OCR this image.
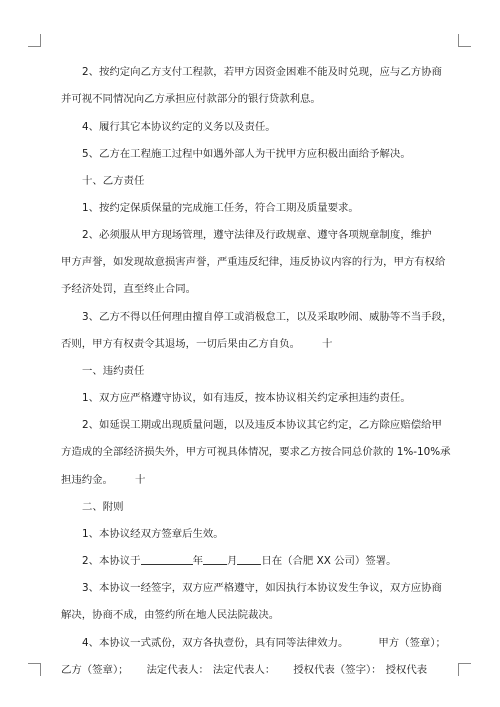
2、按约定向乙方支付工程款，若甲方因资金困难不能及时兑现，应与乙方协商
并可视不同情况向乙方承担应付款部分的银行贷款利息。
4、履行其它本协议约定的义务以及责任。
5、乙方在工程施工过程中如遇外部人为干扰甲方应积极出面给予解决。
十、乙方责任
1、按约定保质保量的完成施工任务，符合工期及质量要求。
2、必须服从甲方现场管理，遵守法律及行政规章、遵守各项规章制度，维护
甲方声誉，如发现故意损害声誉，严重违反纪律，违反协议内容的行为，甲方有权给
予经济处罚，直至终止合同。
3、乙方不得以任何理由擅自停工或消极怠工，以及采取吵闹、威胁等不当手段，
否则，甲方有权责令其退场，一切后果由乙方自负。 十
一、违约责任
1、双方应严格遵守协议，如有违反，按本协议相关约定承担违约责任。
2、如延误工期或出现质量问题，以及违反本协议其它约定，乙方除应赔偿给甲
方造成的全部经济损失外，甲方可视具体情况，要求乙方按合同总价款的 1%-10%承
担违约金。 十
二、附则
1、本协议经双方签章后生效。
2、本协议于	年 月 日在（合肥 XX 公司）签署。
3、本协议一经签字，双方应严格遵守，如因执行本协议发生争议，双方应协商
解决，协商不成，由签约所在地人民法院裁决。
4、本协议一式贰份，双方各执壹份，具有同等法律效力。	甲方（签章）；
乙方（签章）； 法定代表人： 法定代表人： 授权代表（签字）： 授权代表
